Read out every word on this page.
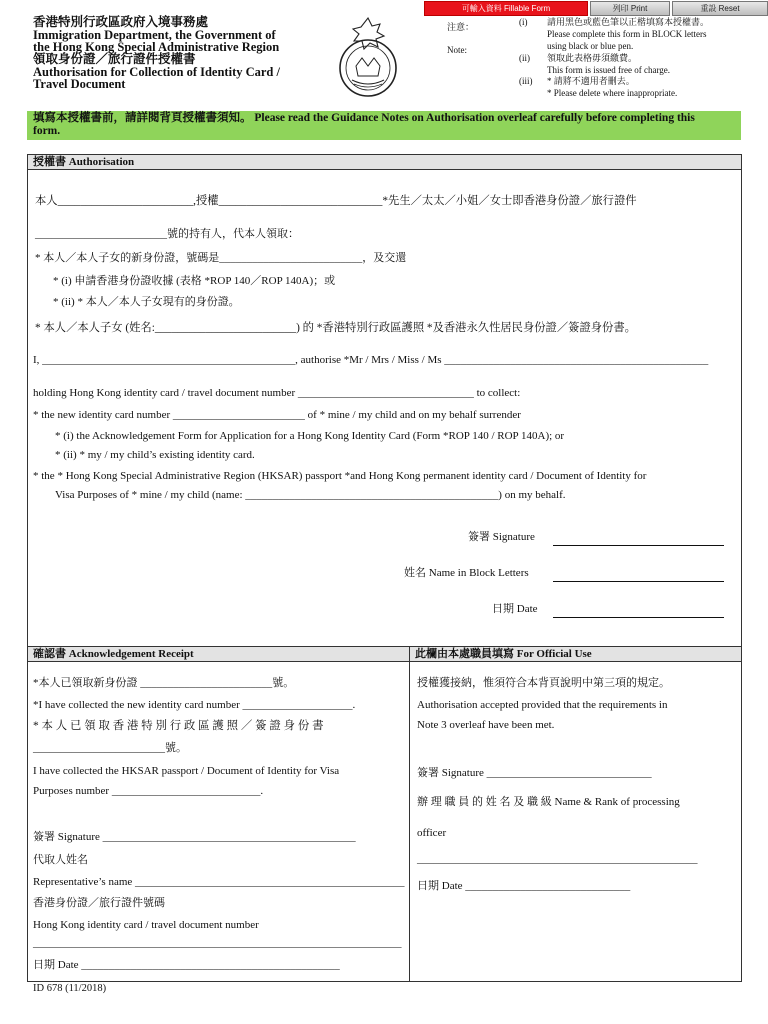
香港特別行政區政府入境事務處
Immigration Department, the Government of
the Hong Kong Special Administrative Region
領取身份證／旅行證件授權書
Authorisation for Collection of Identity Card /
Travel Document
可輸入資料 Fillable Form	列印 Print	重設 Reset
注意：
Note:
(i) 請用黑色或藍色筆以正楷填寫本授權書。
Please complete this form in BLOCK letters
using black or blue pen.
(ii) 領取此表格毋須繳費。
This form is issued free of charge.
(iii) * 請將不適用者刪去。
* Please delete where inappropriate.
填寫本授權書前，請詳閱背頁授權書須知。 Please read the Guidance Notes on Authorisation overleaf carefully before completing this
form.
授權書 Authorisation
本人________________________,授權_____________________________*先生／太太／小姐／女士即香港身份證／旅行證件
________________________號的持有人，代本人領取：
* 本人／本人子女的新身份證，號碼是__________________________，及交還
* (i) 申請香港身份證收據 (表格 *ROP 140／ROP 140A)；或
* (ii) * 本人／本人子女現有的身份證。
* 本人／本人子女 (姓名:_________________________) 的 *香港特別行政區護照 *及香港永久性居民身份證／簽證身份書。
I, ______________________________________________, authorise *Mr / Mrs / Miss / Ms ________________________________________________
holding Hong Kong identity card / travel document number ________________________________ to collect:
* the new identity card number ________________________ of * mine / my child and on my behalf surrender
* (i) the Acknowledgement Form for Application for a Hong Kong Identity Card (Form *ROP 140 / ROP 140A); or
* (ii) * my / my child’s existing identity card.
* the * Hong Kong Special Administrative Region (HKSAR) passport *and Hong Kong permanent identity card / Document of Identity for
Visa Purposes of * mine / my child (name: ______________________________________________) on my behalf.
簽署 Signature
姓名 Name in Block Letters
日期 Date
確認書 Acknowledgement Receipt	此欄由本處職員填寫 For Official Use
*本人已領取新身份證 ________________________號。
*I have collected the new identity card number ____________________.
* 本 人 已 領 取 香 港 特 別 行 政 區 護 照 ／ 簽 證 身 份 書
________________________號。
I have collected the HKSAR passport / Document of Identity for Visa
Purposes number ___________________________.
簽署 Signature ______________________________________________
代取人姓名
Representative’s name _________________________________________________
香港身份證／旅行證件號碼
Hong Kong identity card / travel document number
___________________________________________________________________
日期 Date _______________________________________________
授權獲接納，惟須符合本背頁說明中第三項的規定。
Authorisation accepted provided that the requirements in
Note 3 overleaf have been met.
簽署 Signature ______________________________
辦 理 職 員 的 姓 名 及 職 級 Name & Rank of processing
officer
___________________________________________________
日期 Date ______________________________
ID 678 (11/2018)
